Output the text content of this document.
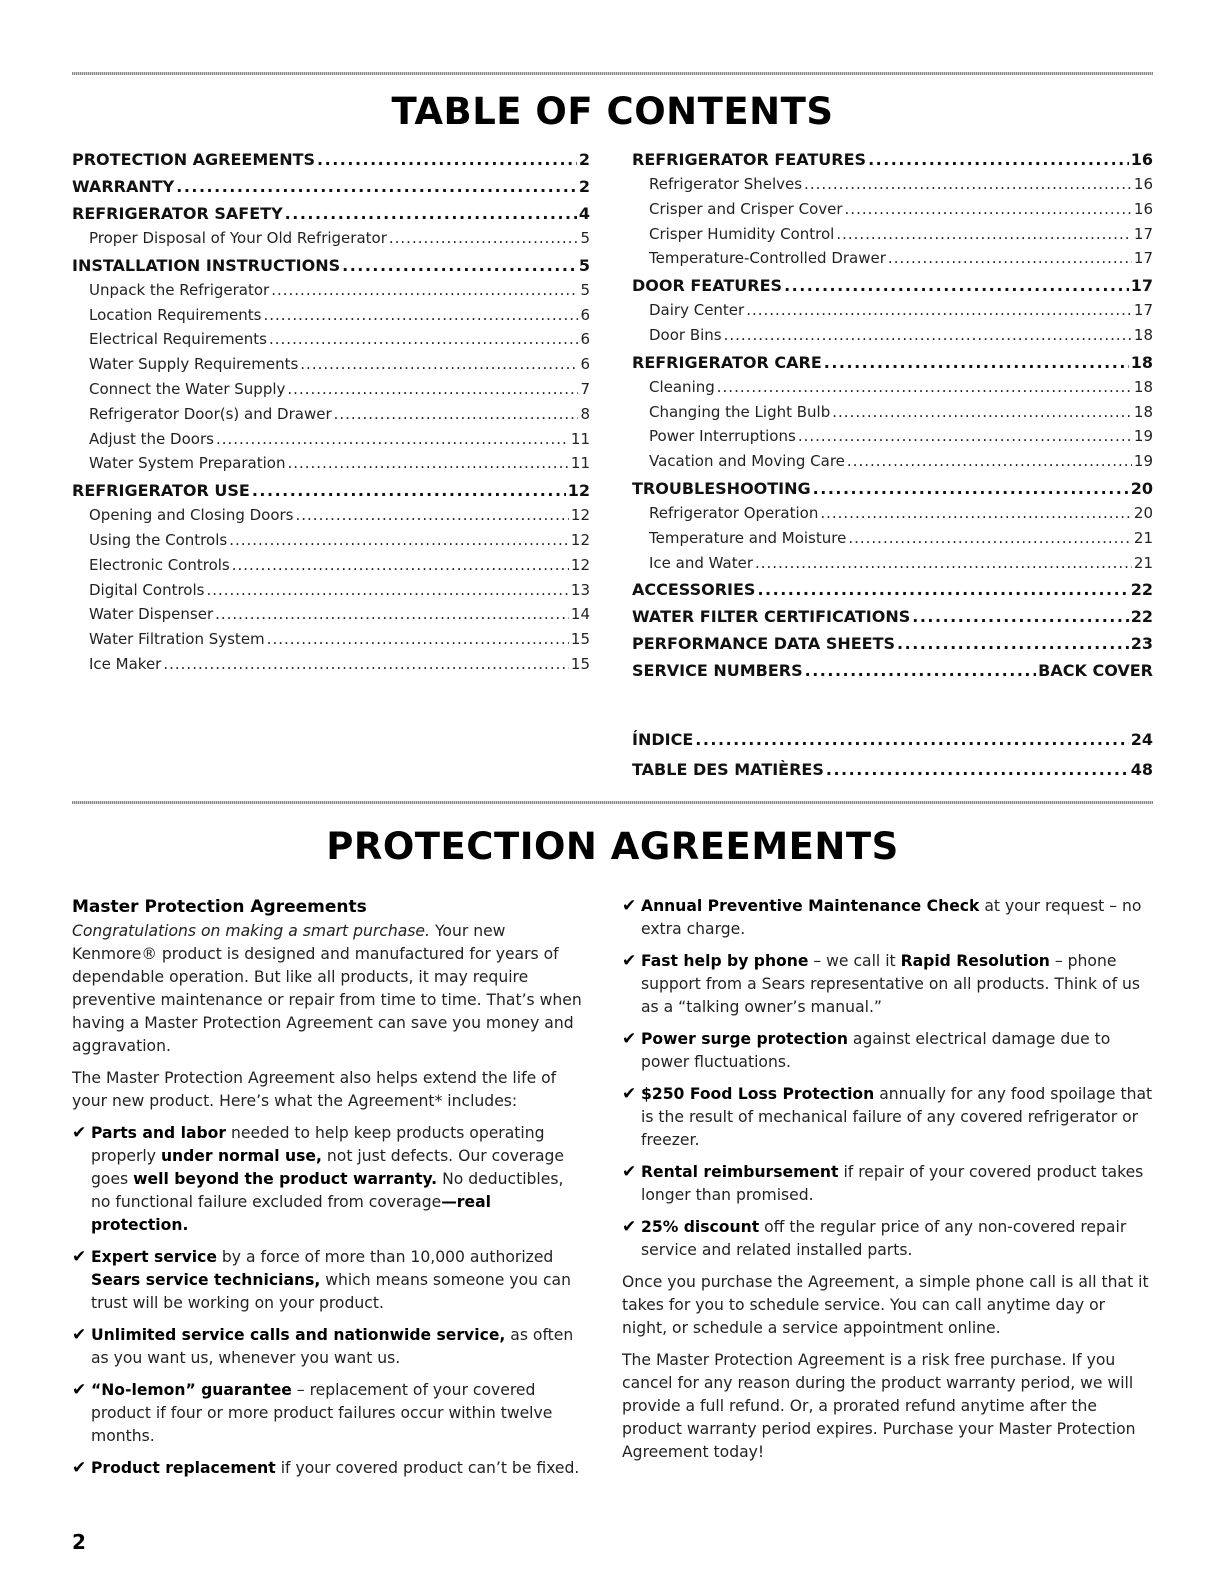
TABLE OF CONTENTS
PROTECTION AGREEMENTS .....	2
WARRANTY .....	2
REFRIGERATOR SAFETY .....	4
Proper Disposal of Your Old Refrigerator .....	5
INSTALLATION INSTRUCTIONS .....	5
Unpack the Refrigerator .....	5
Location Requirements .....	6
Electrical Requirements .....	6
Water Supply Requirements .....	6
Connect the Water Supply .....	7
Refrigerator Door(s) and Drawer .....	8
Adjust the Doors .....	11
Water System Preparation .....	11
REFRIGERATOR USE .....	12
Opening and Closing Doors .....	12
Using the Controls .....	12
Electronic Controls .....	12
Digital Controls .....	13
Water Dispenser .....	14
Water Filtration System .....	15
Ice Maker .....	15
REFRIGERATOR FEATURES .....	16
Refrigerator Shelves .....	16
Crisper and Crisper Cover .....	16
Crisper Humidity Control .....	17
Temperature-Controlled Drawer .....	17
DOOR FEATURES .....	17
Dairy Center .....	17
Door Bins .....	18
REFRIGERATOR CARE .....	18
Cleaning .....	18
Changing the Light Bulb .....	18
Power Interruptions .....	19
Vacation and Moving Care .....	19
TROUBLESHOOTING .....	20
Refrigerator Operation .....	20
Temperature and Moisture .....	21
Ice and Water .....	21
ACCESSORIES .....	22
WATER FILTER CERTIFICATIONS .....	22
PERFORMANCE DATA SHEETS .....	23
SERVICE NUMBERS .....	BACK COVER
ÍNDICE .....	24
TABLE DES MATIÈRES .....	48
PROTECTION AGREEMENTS
Master Protection Agreements

Congratulations on making a smart purchase. Your new Kenmore® product is designed and manufactured for years of dependable operation. But like all products, it may require preventive maintenance or repair from time to time. That’s when having a Master Protection Agreement can save you money and aggravation.

The Master Protection Agreement also helps extend the life of your new product. Here’s what the Agreement* includes:

✔ Parts and labor needed to help keep products operating properly under normal use, not just defects. Our coverage goes well beyond the product warranty. No deductibles, no functional failure excluded from coverage—real protection.
✔ Expert service by a force of more than 10,000 authorized Sears service technicians, which means someone you can trust will be working on your product.
✔ Unlimited service calls and nationwide service, as often as you want us, whenever you want us.
✔ “No-lemon” guarantee – replacement of your covered product if four or more product failures occur within twelve months.
✔ Product replacement if your covered product can’t be fixed.
✔ Annual Preventive Maintenance Check at your request – no extra charge.
✔ Fast help by phone – we call it Rapid Resolution – phone support from a Sears representative on all products. Think of us as a “talking owner’s manual.”
✔ Power surge protection against electrical damage due to power fluctuations.
✔ $250 Food Loss Protection annually for any food spoilage that is the result of mechanical failure of any covered refrigerator or freezer.
✔ Rental reimbursement if repair of your covered product takes longer than promised.
✔ 25% discount off the regular price of any non-covered repair service and related installed parts.

Once you purchase the Agreement, a simple phone call is all that it takes for you to schedule service. You can call anytime day or night, or schedule a service appointment online.

The Master Protection Agreement is a risk free purchase. If you cancel for any reason during the product warranty period, we will provide a full refund. Or, a prorated refund anytime after the product warranty period expires. Purchase your Master Protection Agreement today!

2
